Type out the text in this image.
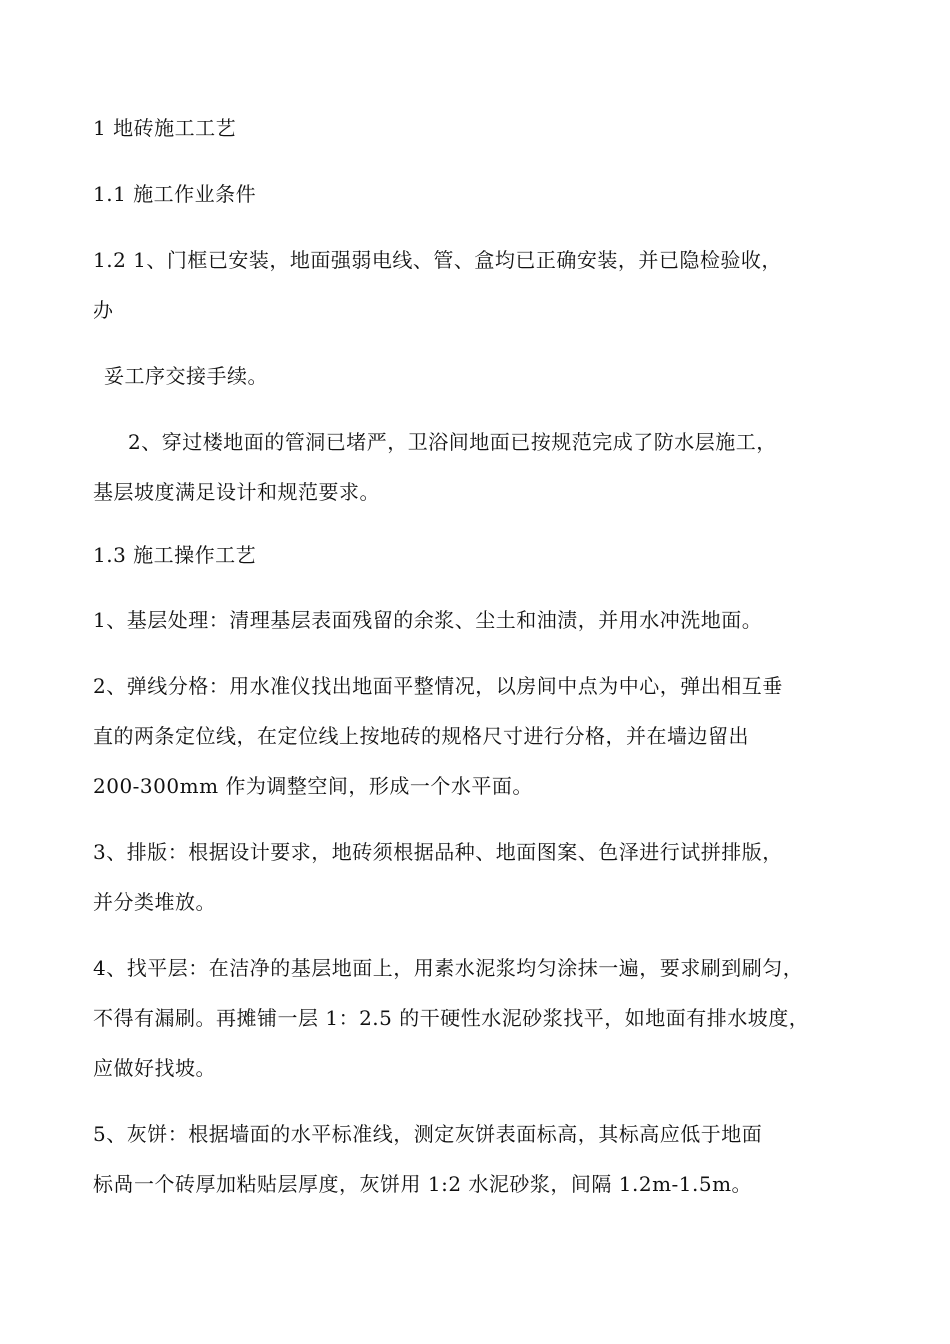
1 地砖施工工艺
1.1 施工作业条件
1.2 1、门框已安装，地面强弱电线、管、盒均已正确安装，并已隐检验收，
办
妥工序交接手续。
2、穿过楼地面的管洞已堵严，卫浴间地面已按规范完成了防水层施工，
基层坡度满足设计和规范要求。
1.3 施工操作工艺
1、基层处理：清理基层表面残留的余浆、尘土和油渍，并用水冲洗地面。
2、弹线分格：用水准仪找出地面平整情况，以房间中点为中心，弹出相互垂
直的两条定位线，在定位线上按地砖的规格尺寸进行分格，并在墙边留出
200-300mm 作为调整空间，形成一个水平面。
3、排版：根据设计要求，地砖须根据品种、地面图案、色泽进行试拼排版，
并分类堆放。
4、找平层：在洁净的基层地面上，用素水泥浆均匀涂抹一遍，要求刷到刷匀，
不得有漏刷。再摊铺一层 1：2.5 的干硬性水泥砂浆找平，如地面有排水坡度，
应做好找坡。
5、灰饼：根据墙面的水平标准线，测定灰饼表面标高，其标高应低于地面
标咼一个砖厚加粘贴层厚度，灰饼用 1:2 水泥砂浆，间隔 1.2m-1.5m。
